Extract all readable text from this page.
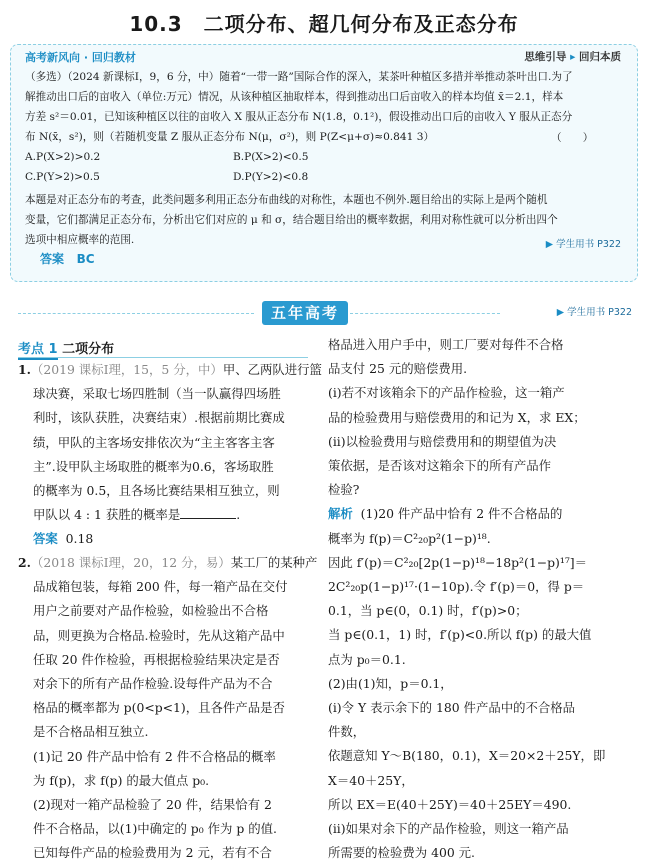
10.3　二项分布、超几何分布及正态分布
高考新风向 · 回归教材	思维引导 ▸ 回归本质
（多选）（2024 新课标Ⅰ，9，6 分，中）随着“一带一路”国际合作的深入，某茶叶种植区多措并举推动茶叶出口.为了
解推动出口后的亩收入（单位:万元）情况，从该种植区抽取样本，得到推动出口后亩收入的样本均值 x̄＝2.1，样本
方差 s²＝0.01，已知该种植区以往的亩收入 X 服从正态分布 N(1.8，0.1²)，假设推动出口后的亩收入 Y 服从正态分
布 N(x̄，s²)，则（若随机变量 Z 服从正态分布 N(μ，σ²)，则 P(Z<μ+σ)≈0.841 3）	（　　）
A.P(X>2)>0.2	B.P(X>2)<0.5
C.P(Y>2)>0.5	D.P(Y>2)<0.8
本题是对正态分布的考查，此类问题多利用正态分布曲线的对称性，本题也不例外.题目给出的实际上是两个随机
变量，它们都满足正态分布，分析出它们对应的 μ 和 σ，结合题目给出的概率数据，利用对称性就可以分析出四个
选项中相应概率的范围.	▶ 学生用书 P322
答案 BC
五年高考	▶ 学生用书 P322
考点 1 二项分布
1.（2019 课标Ⅰ理，15，5 分，中）甲、乙两队进行篮
球决赛，采取七场四胜制（当一队赢得四场胜
利时，该队获胜，决赛结束）.根据前期比赛成
绩，甲队的主客场安排依次为“主主客客主客
主”.设甲队主场取胜的概率为0.6，客场取胜
的概率为 0.5，且各场比赛结果相互独立，则
甲队以 4 : 1 获胜的概率是	.
答案 0.18
2.（2018 课标Ⅰ理，20，12 分，易）某工厂的某种产
品成箱包装，每箱 200 件，每一箱产品在交付
用户之前要对产品作检验，如检验出不合格
品，则更换为合格品.检验时，先从这箱产品中
任取 20 件作检验，再根据检验结果决定是否
对余下的所有产品作检验.设每件产品为不合
格品的概率都为 p(0<p<1)，且各件产品是否
是不合格品相互独立.
(1)记 20 件产品中恰有 2 件不合格品的概率
为 f(p)，求 f(p) 的最大值点 p₀.
(2)现对一箱产品检验了 20 件，结果恰有 2
件不合格品，以(1)中确定的 p₀ 作为 p 的值.
已知每件产品的检验费用为 2 元，若有不合
格品进入用户手中，则工厂要对每件不合格
品支付 25 元的赔偿费用.
(i)若不对该箱余下的产品作检验，这一箱产
品的检验费用与赔偿费用的和记为 X，求 EX；
(ii)以检验费用与赔偿费用和的期望值为决
策依据，是否该对这箱余下的所有产品作
检验?
解析 (1)20 件产品中恰有 2 件不合格品的
概率为 f(p)＝C²₂₀p²(1−p)¹⁸.
因此 f′(p)＝C²₂₀[2p(1−p)¹⁸−18p²(1−p)¹⁷]＝
2C²₂₀p(1−p)¹⁷·(1−10p).令 f′(p)＝0，得 p＝
0.1，当 p∈(0，0.1) 时，f′(p)>0；
当 p∈(0.1，1) 时，f′(p)<0.所以 f(p) 的最大值
点为 p₀＝0.1.
(2)由(1)知，p＝0.1，
(i)令 Y 表示余下的 180 件产品中的不合格品
件数，
依题意知 Y～B(180，0.1)，X＝20×2＋25Y，即
X＝40＋25Y，
所以 EX＝E(40＋25Y)＝40＋25EY＝490.
(ii)如果对余下的产品作检验，则这一箱产品
所需要的检验费为 400 元.
